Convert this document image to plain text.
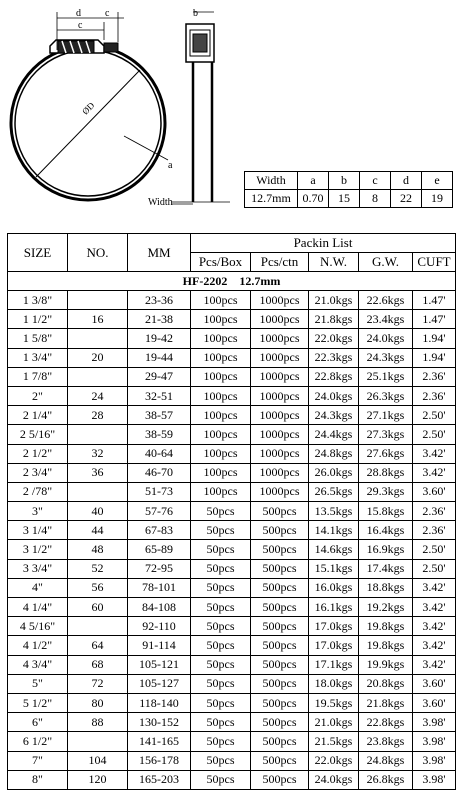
d c
c
ØD
a
b
Width
Width	a	b	c	d	e
12.7mm	0.70	15	8	22	19
SIZE	NO.	MM	Packin List				
			Pcs/Box	Pcs/ctn	N.W.	G.W.	CUFT
HF-2202 12.7mm							
1 3/8"		23-36	100pcs	1000pcs	21.0kgs	22.6kgs	1.47'
1 1/2"	16	21-38	100pcs	1000pcs	21.8kgs	23.4kgs	1.47'
1 5/8"		19-42	100pcs	1000pcs	22.0kgs	24.0kgs	1.94'
1 3/4"	20	19-44	100pcs	1000pcs	22.3kgs	24.3kgs	1.94'
1 7/8"		29-47	100pcs	1000pcs	22.8kgs	25.1kgs	2.36'
2"	24	32-51	100pcs	1000pcs	24.0kgs	26.3kgs	2.36'
2 1/4"	28	38-57	100pcs	1000pcs	24.3kgs	27.1kgs	2.50'
2 5/16"		38-59	100pcs	1000pcs	24.4kgs	27.3kgs	2.50'
2 1/2"	32	40-64	100pcs	1000pcs	24.8kgs	27.6kgs	3.42'
2 3/4"	36	46-70	100pcs	1000pcs	26.0kgs	28.8kgs	3.42'
2 /78"		51-73	100pcs	1000pcs	26.5kgs	29.3kgs	3.60'
3"	40	57-76	50pcs	500pcs	13.5kgs	15.8kgs	2.36'
3 1/4"	44	67-83	50pcs	500pcs	14.1kgs	16.4kgs	2.36'
3 1/2"	48	65-89	50pcs	500pcs	14.6kgs	16.9kgs	2.50'
3 3/4"	52	72-95	50pcs	500pcs	15.1kgs	17.4kgs	2.50'
4"	56	78-101	50pcs	500pcs	16.0kgs	18.8kgs	3.42'
4 1/4"	60	84-108	50pcs	500pcs	16.1kgs	19.2kgs	3.42'
4 5/16"		92-110	50pcs	500pcs	17.0kgs	19.8kgs	3.42'
4 1/2"	64	91-114	50pcs	500pcs	17.0kgs	19.8kgs	3.42'
4 3/4"	68	105-121	50pcs	500pcs	17.1kgs	19.9kgs	3.42'
5"	72	105-127	50pcs	500pcs	18.0kgs	20.8kgs	3.60'
5 1/2"	80	118-140	50pcs	500pcs	19.5kgs	21.8kgs	3.60'
6"	88	130-152	50pcs	500pcs	21.0kgs	22.8kgs	3.98'
6 1/2"		141-165	50pcs	500pcs	21.5kgs	23.8kgs	3.98'
7"	104	156-178	50pcs	500pcs	22.0kgs	24.8kgs	3.98'
8"	120	165-203	50pcs	500pcs	24.0kgs	26.8kgs	3.98'
